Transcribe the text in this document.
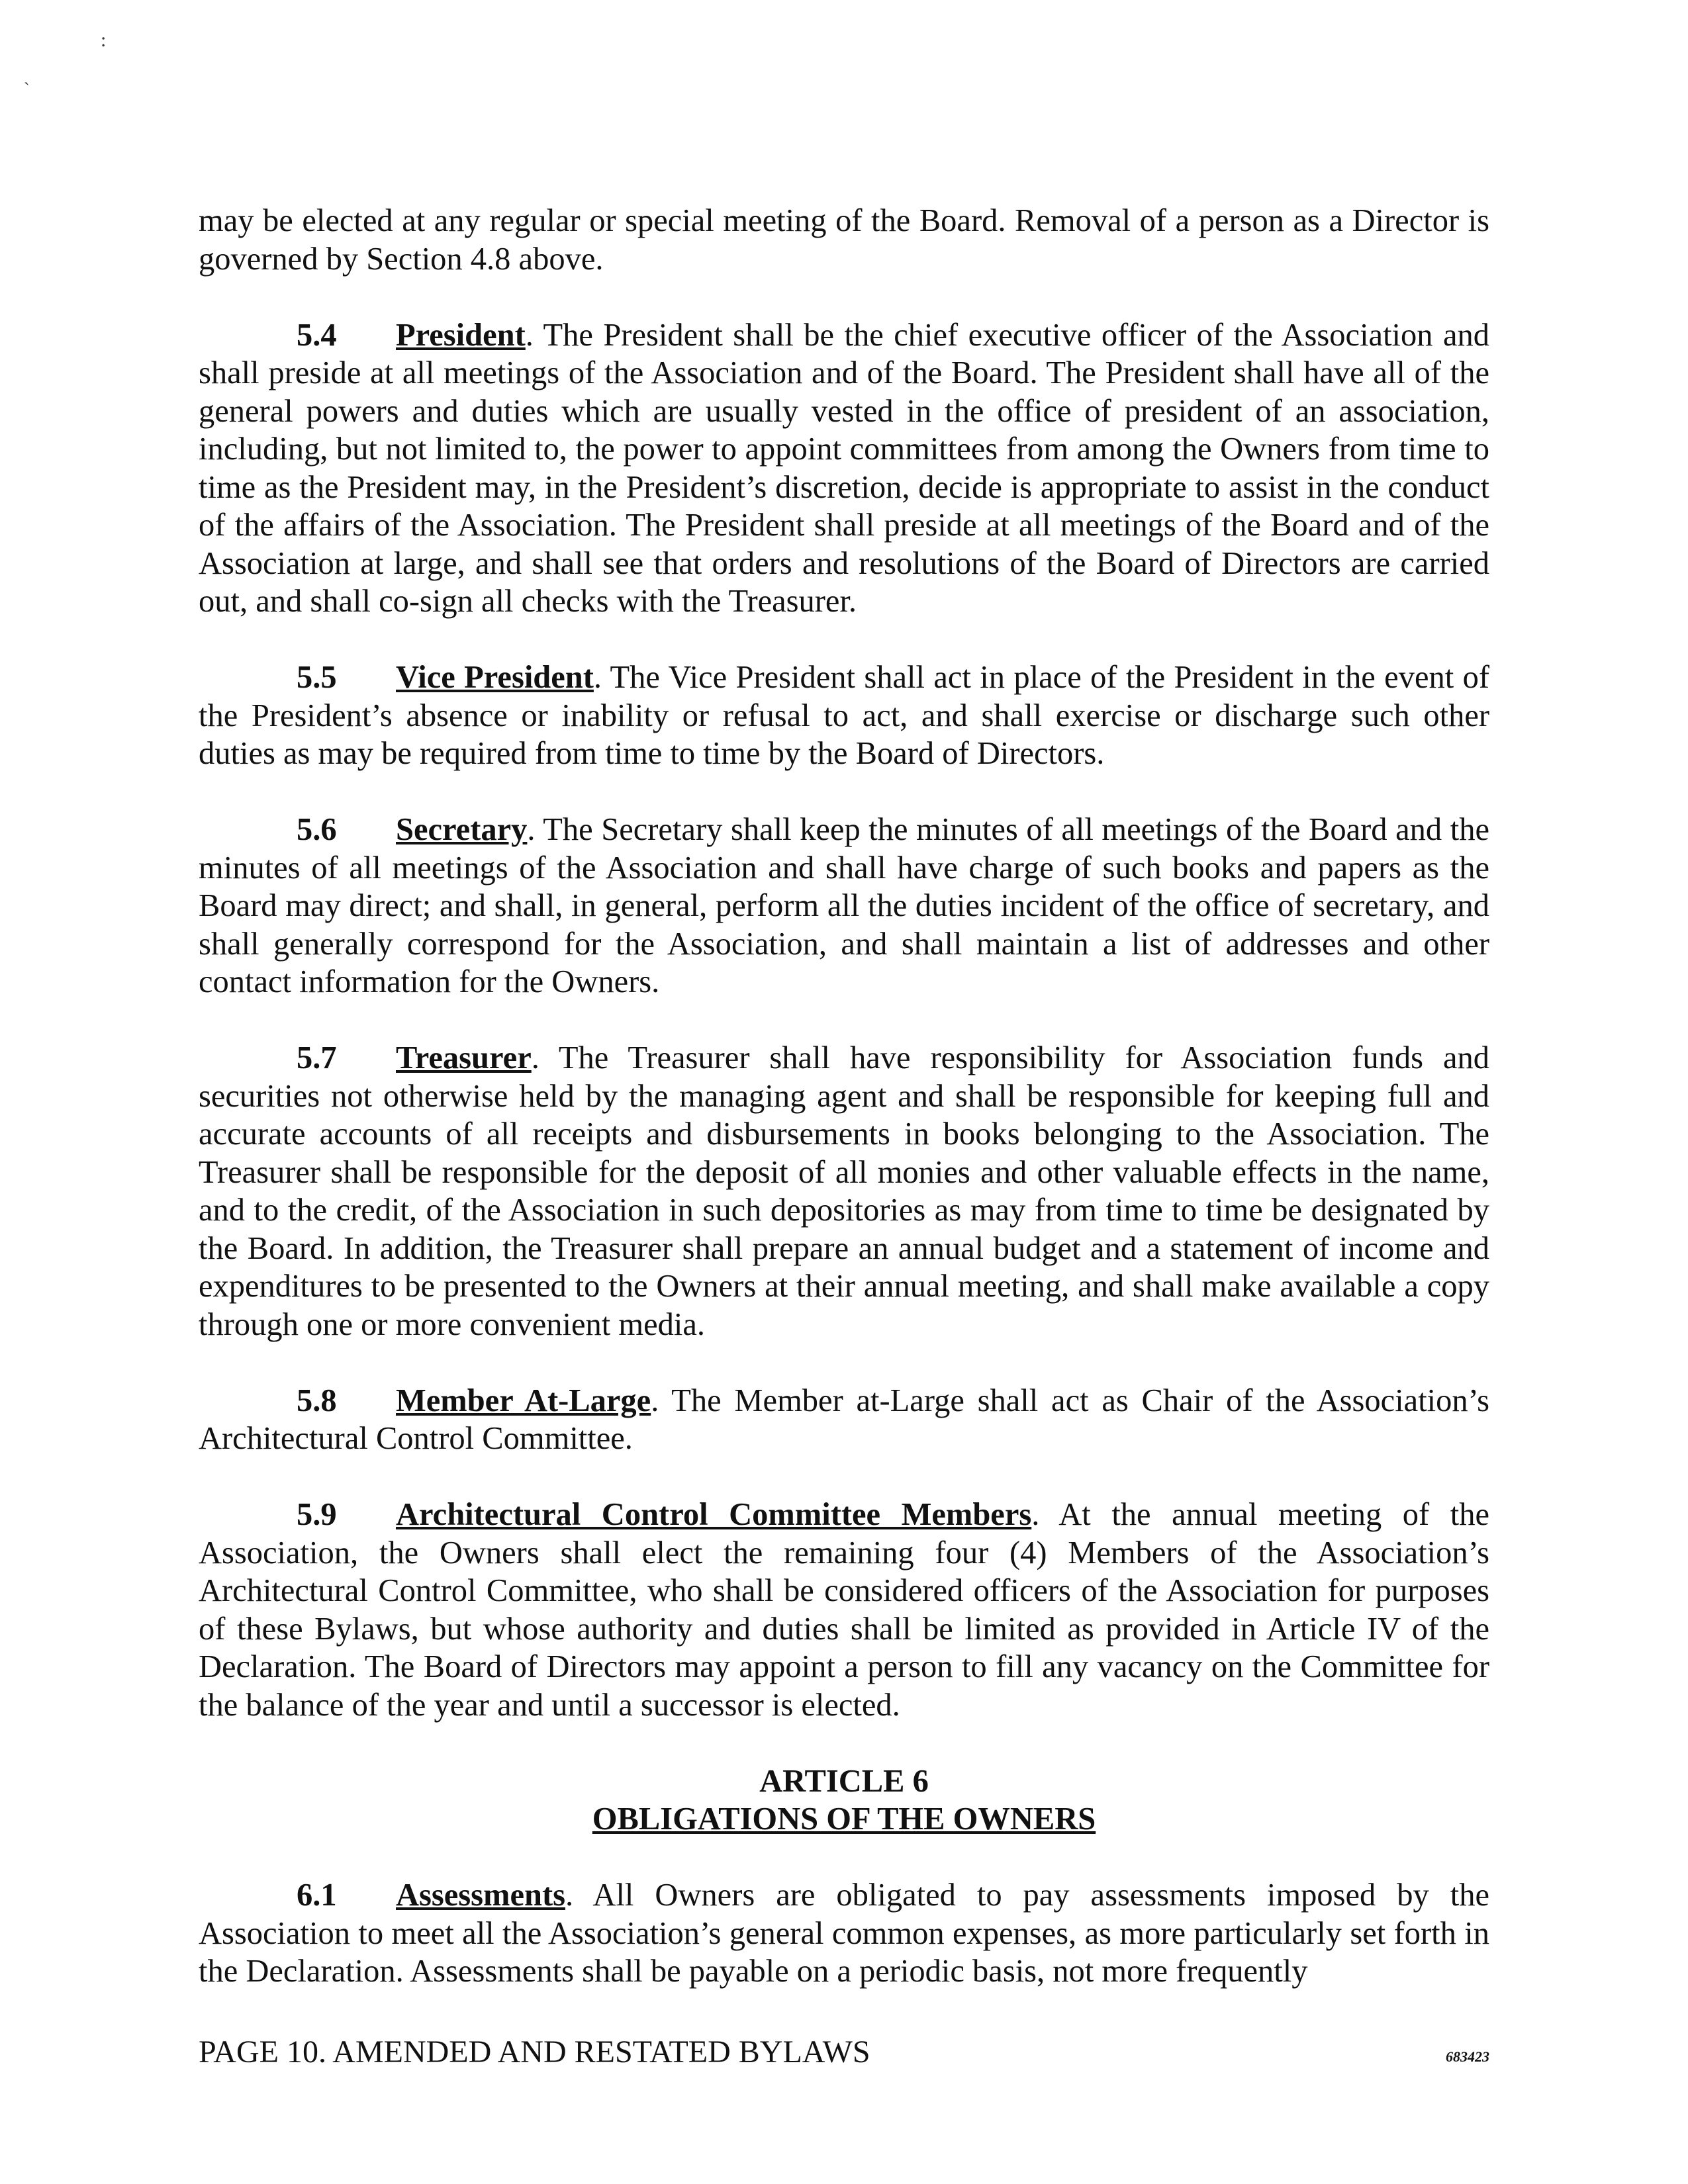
:
`

may be elected at any regular or special meeting of the Board. Removal of a person as a Director is governed by Section 4.8 above.

5.4 President. The President shall be the chief executive officer of the Association and shall preside at all meetings of the Association and of the Board. The President shall have all of the general powers and duties which are usually vested in the office of president of an association, including, but not limited to, the power to appoint committees from among the Owners from time to time as the President may, in the President’s discretion, decide is appropriate to assist in the conduct of the affairs of the Association. The President shall preside at all meetings of the Board and of the Association at large, and shall see that orders and resolutions of the Board of Directors are carried out, and shall co-sign all checks with the Treasurer.

5.5 Vice President. The Vice President shall act in place of the President in the event of the President’s absence or inability or refusal to act, and shall exercise or discharge such other duties as may be required from time to time by the Board of Directors.

5.6 Secretary. The Secretary shall keep the minutes of all meetings of the Board and the minutes of all meetings of the Association and shall have charge of such books and papers as the Board may direct; and shall, in general, perform all the duties incident of the office of secretary, and shall generally correspond for the Association, and shall maintain a list of addresses and other contact information for the Owners.

5.7 Treasurer. The Treasurer shall have responsibility for Association funds and securities not otherwise held by the managing agent and shall be responsible for keeping full and accurate accounts of all receipts and disbursements in books belonging to the Association. The Treasurer shall be responsible for the deposit of all monies and other valuable effects in the name, and to the credit, of the Association in such depositories as may from time to time be designated by the Board. In addition, the Treasurer shall prepare an annual budget and a statement of income and expenditures to be presented to the Owners at their annual meeting, and shall make available a copy through one or more convenient media.

5.8 Member At-Large. The Member at-Large shall act as Chair of the Association’s Architectural Control Committee.

5.9 Architectural Control Committee Members. At the annual meeting of the Association, the Owners shall elect the remaining four (4) Members of the Association’s Architectural Control Committee, who shall be considered officers of the Association for purposes of these Bylaws, but whose authority and duties shall be limited as provided in Article IV of the Declaration. The Board of Directors may appoint a person to fill any vacancy on the Committee for the balance of the year and until a successor is elected.

ARTICLE 6
OBLIGATIONS OF THE OWNERS

6.1 Assessments. All Owners are obligated to pay assessments imposed by the Association to meet all the Association’s general common expenses, as more particularly set forth in the Declaration. Assessments shall be payable on a periodic basis, not more frequently

PAGE 10. AMENDED AND RESTATED BYLAWS	683423
